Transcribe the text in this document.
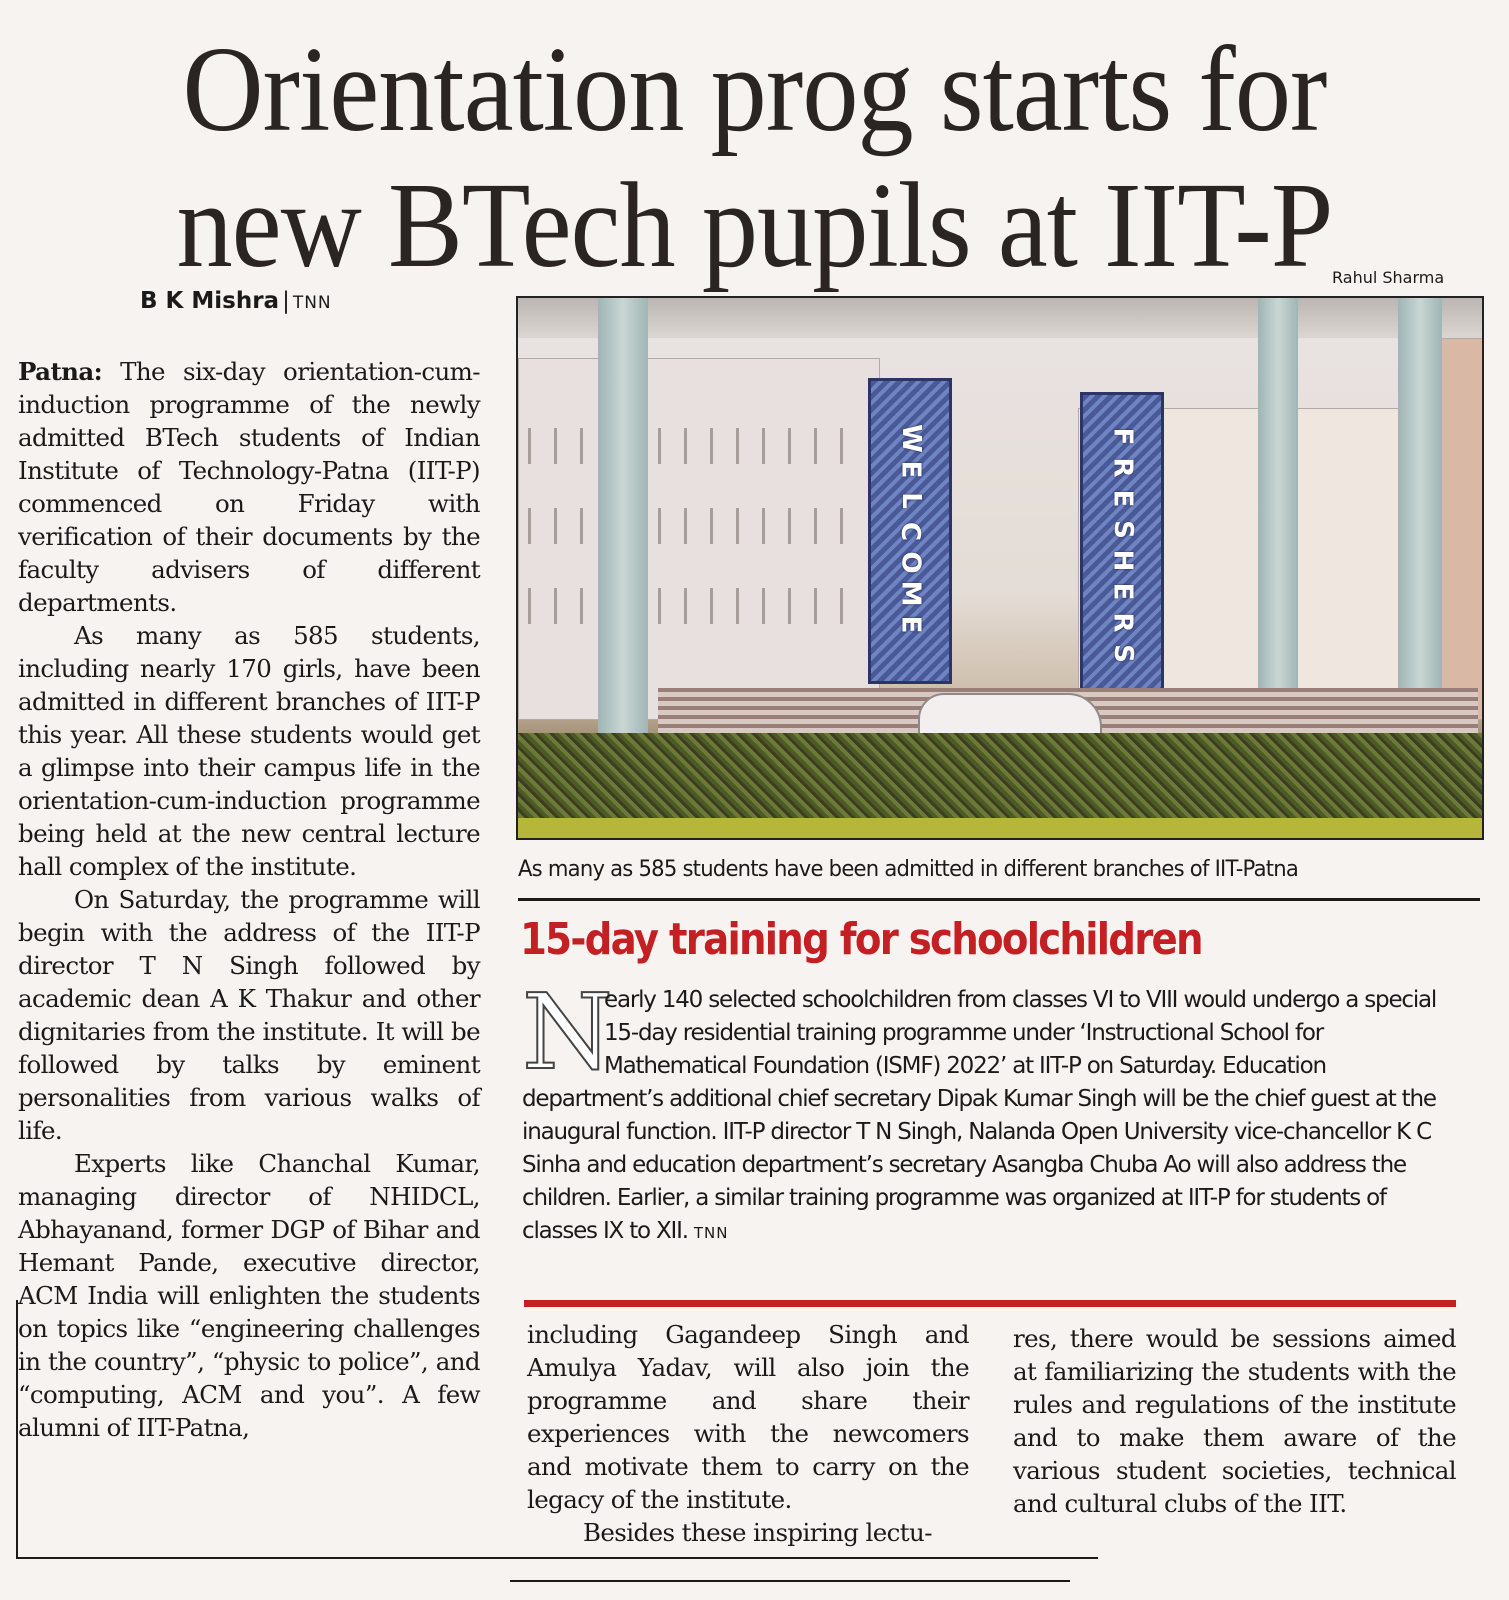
Orientation prog starts for
new BTech pupils at IIT-P
B K Mishra | TNN

Patna: The six-day orientation-cum-induction programme of the newly admitted BTech students of Indian Institute of Technology-Patna (IIT-P) commenced on Friday with verification of their documents by the faculty advisers of different departments.

As many as 585 students, including nearly 170 girls, have been admitted in different branches of IIT-P this year. All these students would get a glimpse into their campus life in the orientation-cum-induction programme being held at the new central lecture hall complex of the institute.

On Saturday, the programme will begin with the address of the IIT-P director T N Singh followed by academic dean A K Thakur and other dignitaries from the institute. It will be followed by talks by eminent personalities from various walks of life.

Experts like Chanchal Kumar, managing director of NHIDCL, Abhayanand, former DGP of Bihar and Hemant Pande, executive director, ACM India will enlighten the students on topics like “engineering challenges in the country”, “physic to police”, and “computing, ACM and you”. A few alumni of IIT-Patna,

Rahul Sharma
W
E
L
C
O
M
E
F
R
E
S
H
E
R
S
As many as 585 students have been admitted in different branches of IIT-Patna
15-day training for schoolchildren
N
early 140 selected schoolchildren from classes VI to VIII would undergo a special 15-day residential training programme under ‘Instructional School for Mathematical Foundation (ISMF) 2022’ at IIT-P on Saturday. Education department’s additional chief secretary Dipak Kumar Singh will be the chief guest at the inaugural function. IIT-P director T N Singh, Nalanda Open University vice-chancellor K C Sinha and education department’s secretary Asangba Chuba Ao will also address the children. Earlier, a similar training programme was organized at IIT-P for students of classes IX to XII. TNN

including Gagandeep Singh and Amulya Yadav, will also join the programme and share their experiences with the newcomers and motivate them to carry on the legacy of the institute.

Besides these inspiring lectu-

res, there would be sessions aimed at familiarizing the students with the rules and regulations of the institute and to make them aware of the various student societies, technical and cultural clubs of the IIT.
